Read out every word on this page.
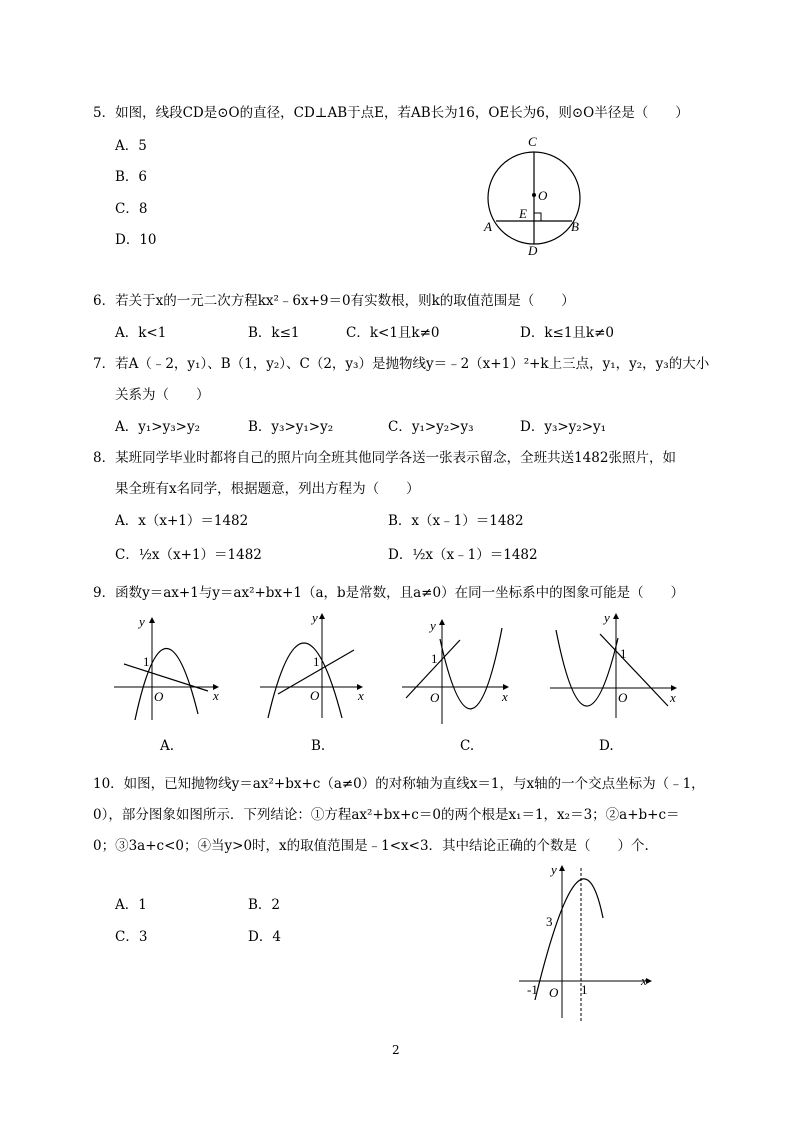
5．如图，线段CD是⊙O的直径，CD⊥AB于点E，若AB长为16，OE长为6，则⊙O半径是（　　）
A．5
B．6
C．8
D．10
C
O
E
A	B
D
6．若关于x的一元二次方程kx²﹣6x+9＝0有实数根，则k的取值范围是（　　）
A．k<1	B．k≤1	C．k<1且k≠0	D．k≤1且k≠0
7．若A（﹣2，y₁）、B（1，y₂）、C（2，y₃）是抛物线y＝﹣2（x+1）²+k上三点，y₁，y₂，y₃的大小
关系为（　　）
A．y₁>y₃>y₂	B．y₃>y₁>y₂	C．y₁>y₂>y₃	D．y₃>y₂>y₁
8．某班同学毕业时都将自己的照片向全班其他同学各送一张表示留念，全班共送1482张照片，如
果全班有x名同学，根据题意，列出方程为（　　）
A．x（x+1）＝1482	B．x（x﹣1）＝1482
C．½x（x+1）＝1482	D．½x（x﹣1）＝1482
9．函数y＝ax+1与y＝ax²+bx+1（a，b是常数，且a≠0）在同一坐标系中的图象可能是（　　）
y
x
O
1
A.
y
x
O
1
B.
y
x
O
1
C.
y
x
O
1
D.
10．如图，已知抛物线y＝ax²+bx+c（a≠0）的对称轴为直线x＝1，与x轴的一个交点坐标为（﹣1，
0），部分图象如图所示．下列结论：①方程ax²+bx+c＝0的两个根是x₁＝1，x₂＝3；②a+b+c＝
0；③3a+c<0；④当y>0时，x的取值范围是﹣1<x<3．其中结论正确的个数是（　　）个.
A．1	B．2
C．3	D．4
y
x
3
-1 O 1
2
